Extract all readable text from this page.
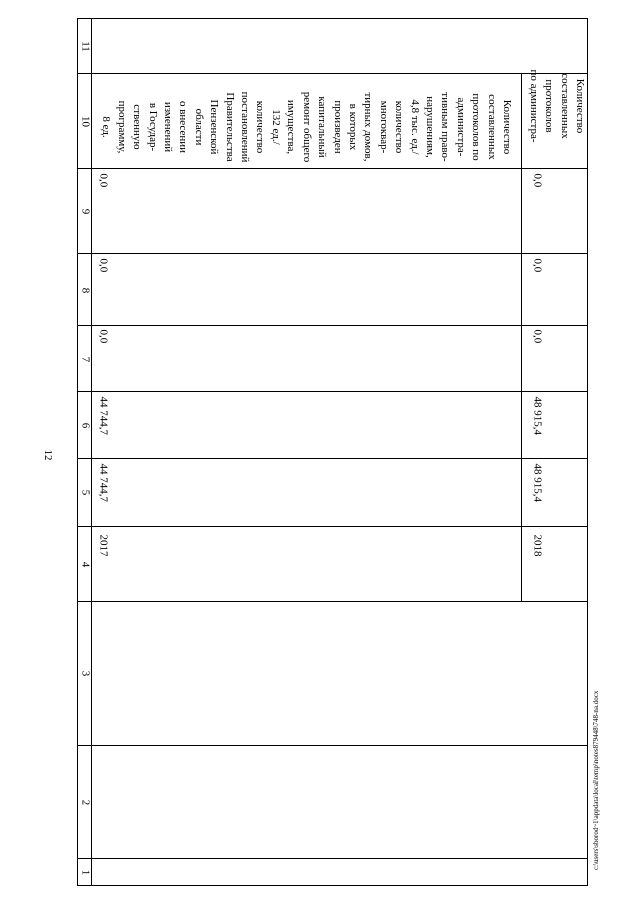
12
c:\users\sborod~1\appdata\local\temp\notes879448\748-na.docx
1
2
3
4
5
6
7
8
9
10
11
2017
44 744,7
44 744,7
0,0
0,0
0,0
Количество
составленных
протоколов по
администра-
тивным право-
нарушениям,
4,8 тыс. ед./
количество
многоквар-
тирных домов,
в которых
произведен
капитальный
ремонт общего
имущества,
132 ед./
количество
постановлений
Правительства
Пензенской
области
о внесении
изменений
в Государ-
ственную
программу,
8 ед.
2018
48 915,4
48 915,4
0,0
0,0
0,0
Количество
составленных
протоколов
по администра-
